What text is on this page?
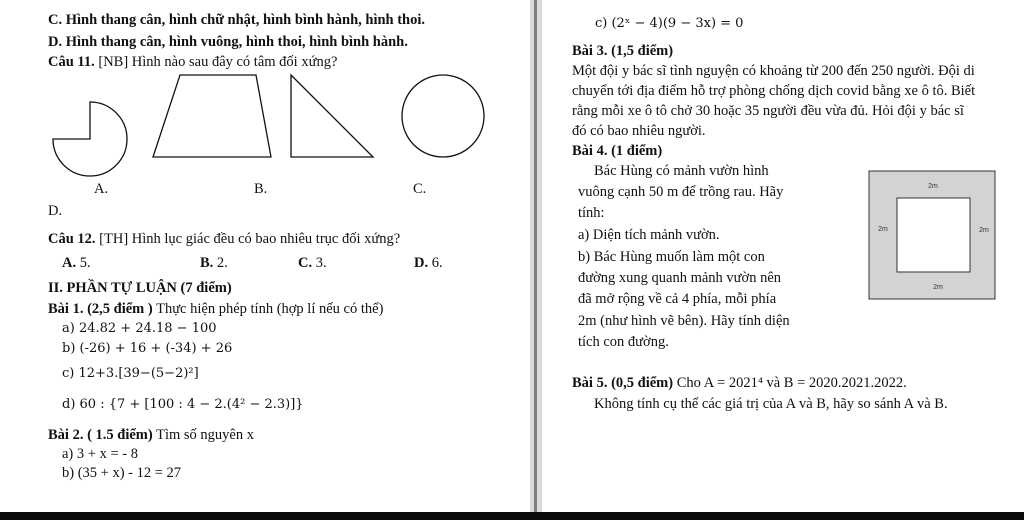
C. Hình thang cân, hình chữ nhật, hình bình hành, hình thoi.
D. Hình thang cân, hình vuông, hình thoi, hình bình hành.
Câu 11. [NB] Hình nào sau đây có tâm đối xứng?
A.	B.	C.
D.
Câu 12. [TH] Hình lục giác đều có bao nhiêu trục đối xứng?
A. 5.	B. 2.	C. 3.	D. 6.
II. PHẦN TỰ LUẬN (7 điểm)
Bài 1. (2,5 điểm ) Thực hiện phép tính (hợp lí nếu có thể)
a) 24.82 + 24.18 − 100
b) (-26) + 16 + (-34) + 26
c) 12+3.[39−(5−2)²]
d) 60 : {7 + [100 : 4 − 2.(4² − 2.3)]}
Bài 2. ( 1.5 điểm) Tìm số nguyên x
a) 3 + x = - 8
b) (35 + x) - 12 = 27
c) (2ˣ − 4)(9 − 3x) = 0
Bài 3. (1,5 điểm)
Một đội y bác sĩ tình nguyện có khoảng từ 200 đến 250 người. Đội di
chuyển tới địa điểm hỗ trợ phòng chống dịch covid bằng xe ô tô. Biết
rằng mỗi xe ô tô chở 30 hoặc 35 người đều vừa đủ. Hỏi đội y bác sĩ
đó có bao nhiêu người.
Bài 4. (1 điểm)
Bác Hùng có mảnh vườn hình
vuông cạnh 50 m để trồng rau. Hãy
tính:
a) Diện tích mảnh vườn.
b) Bác Hùng muốn làm một con
đường xung quanh mảnh vườn nên
đã mở rộng về cả 4 phía, mỗi phía
2m (như hình vẽ bên). Hãy tính diện
tích con đường.
2m
2m	2m
2m
Bài 5. (0,5 điểm) Cho A = 2021⁴ và B = 2020.2021.2022.
Không tính cụ thể các giá trị của A và B, hãy so sánh A và B.
